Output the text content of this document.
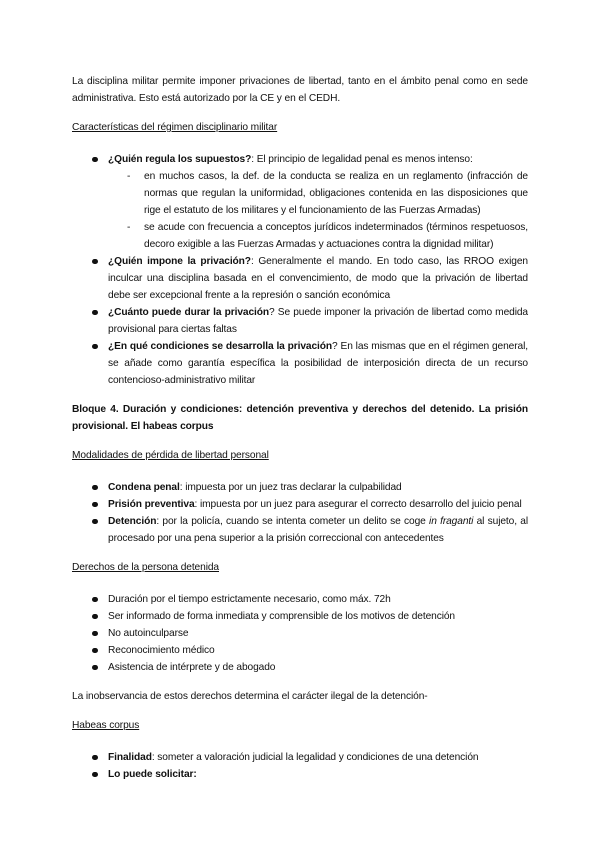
La disciplina militar permite imponer privaciones de libertad, tanto en el ámbito penal como en sede administrativa. Esto está autorizado por la CE y en el CEDH.

Características del régimen disciplinario militar

¿Quién regula los supuestos?: El principio de legalidad penal es menos intenso:
- en muchos casos, la def. de la conducta se realiza en un reglamento (infracción de normas que regulan la uniformidad, obligaciones contenida en las disposiciones que rige el estatuto de los militares y el funcionamiento de las Fuerzas Armadas)
- se acude con frecuencia a conceptos jurídicos indeterminados (términos respetuosos, decoro exigible a las Fuerzas Armadas y actuaciones contra la dignidad militar)
¿Quién impone la privación?: Generalmente el mando. En todo caso, las RROO exigen inculcar una disciplina basada en el convencimiento, de modo que la privación de libertad debe ser excepcional frente a la represión o sanción económica
¿Cuánto puede durar la privación? Se puede imponer la privación de libertad como medida provisional para ciertas faltas
¿En qué condiciones se desarrolla la privación? En las mismas que en el régimen general, se añade como garantía específica la posibilidad de interposición directa de un recurso contencioso-administrativo militar

Bloque 4. Duración y condiciones: detención preventiva y derechos del detenido. La prisión provisional. El habeas corpus

Modalidades de pérdida de libertad personal

Condena penal: impuesta por un juez tras declarar la culpabilidad
Prisión preventiva: impuesta por un juez para asegurar el correcto desarrollo del juicio penal
Detención: por la policía, cuando se intenta cometer un delito se coge in fraganti al sujeto, al procesado por una pena superior a la prisión correccional con antecedentes

Derechos de la persona detenida

Duración por el tiempo estrictamente necesario, como máx. 72h
Ser informado de forma inmediata y comprensible de los motivos de detención
No autoinculparse
Reconocimiento médico
Asistencia de intérprete y de abogado

La inobservancia de estos derechos determina el carácter ilegal de la detención-

Habeas corpus

Finalidad: someter a valoración judicial la legalidad y condiciones de una detención
Lo puede solicitar:
